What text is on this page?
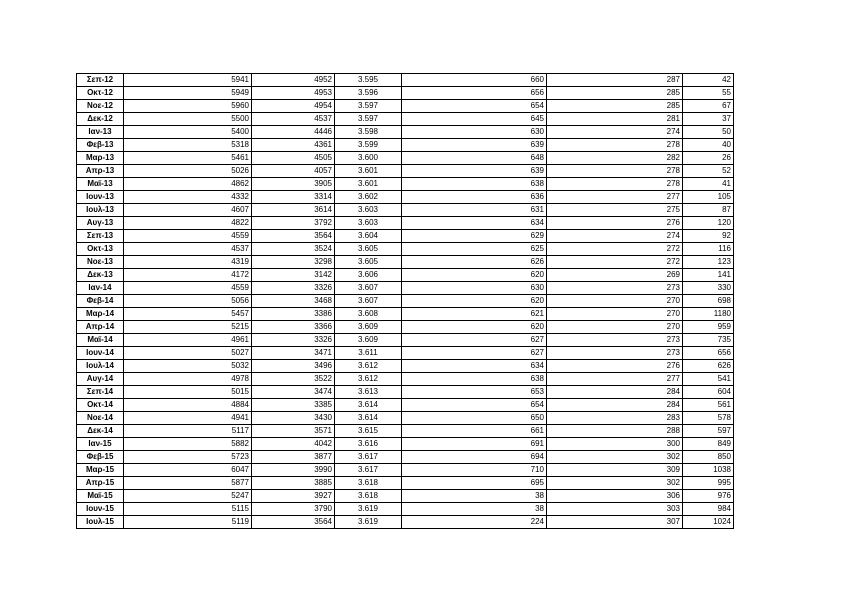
Σεπ-12	5941	4952	3.595	660	287	42
Οκτ-12	5949	4953	3.596	656	285	55
Νοε-12	5960	4954	3.597	654	285	67
Δεκ-12	5500	4537	3.597	645	281	37
Ιαν-13	5400	4446	3.598	630	274	50
Φεβ-13	5318	4361	3.599	639	278	40
Μαρ-13	5461	4505	3.600	648	282	26
Απρ-13	5026	4057	3.601	639	278	52
Μαϊ-13	4862	3905	3.601	638	278	41
Ιουν-13	4332	3314	3.602	636	277	105
Ιουλ-13	4607	3614	3.603	631	275	87
Αυγ-13	4822	3792	3.603	634	276	120
Σεπ-13	4559	3564	3.604	629	274	92
Οκτ-13	4537	3524	3.605	625	272	116
Νοε-13	4319	3298	3.605	626	272	123
Δεκ-13	4172	3142	3.606	620	269	141
Ιαν-14	4559	3326	3.607	630	273	330
Φεβ-14	5056	3468	3.607	620	270	698
Μαρ-14	5457	3386	3.608	621	270	1180
Απρ-14	5215	3366	3.609	620	270	959
Μαϊ-14	4961	3326	3.609	627	273	735
Ιουν-14	5027	3471	3.611	627	273	656
Ιουλ-14	5032	3496	3.612	634	276	626
Αυγ-14	4978	3522	3.612	638	277	541
Σεπ-14	5015	3474	3.613	653	284	604
Οκτ-14	4884	3385	3.614	654	284	561
Νοε-14	4941	3430	3.614	650	283	578
Δεκ-14	5117	3571	3.615	661	288	597
Ιαν-15	5882	4042	3.616	691	300	849
Φεβ-15	5723	3877	3.617	694	302	850
Μαρ-15	6047	3990	3.617	710	309	1038
Απρ-15	5877	3885	3.618	695	302	995
Μαϊ-15	5247	3927	3.618	38	306	976
Ιουν-15	5115	3790	3.619	38	303	984
Ιουλ-15	5119	3564	3.619	224	307	1024
